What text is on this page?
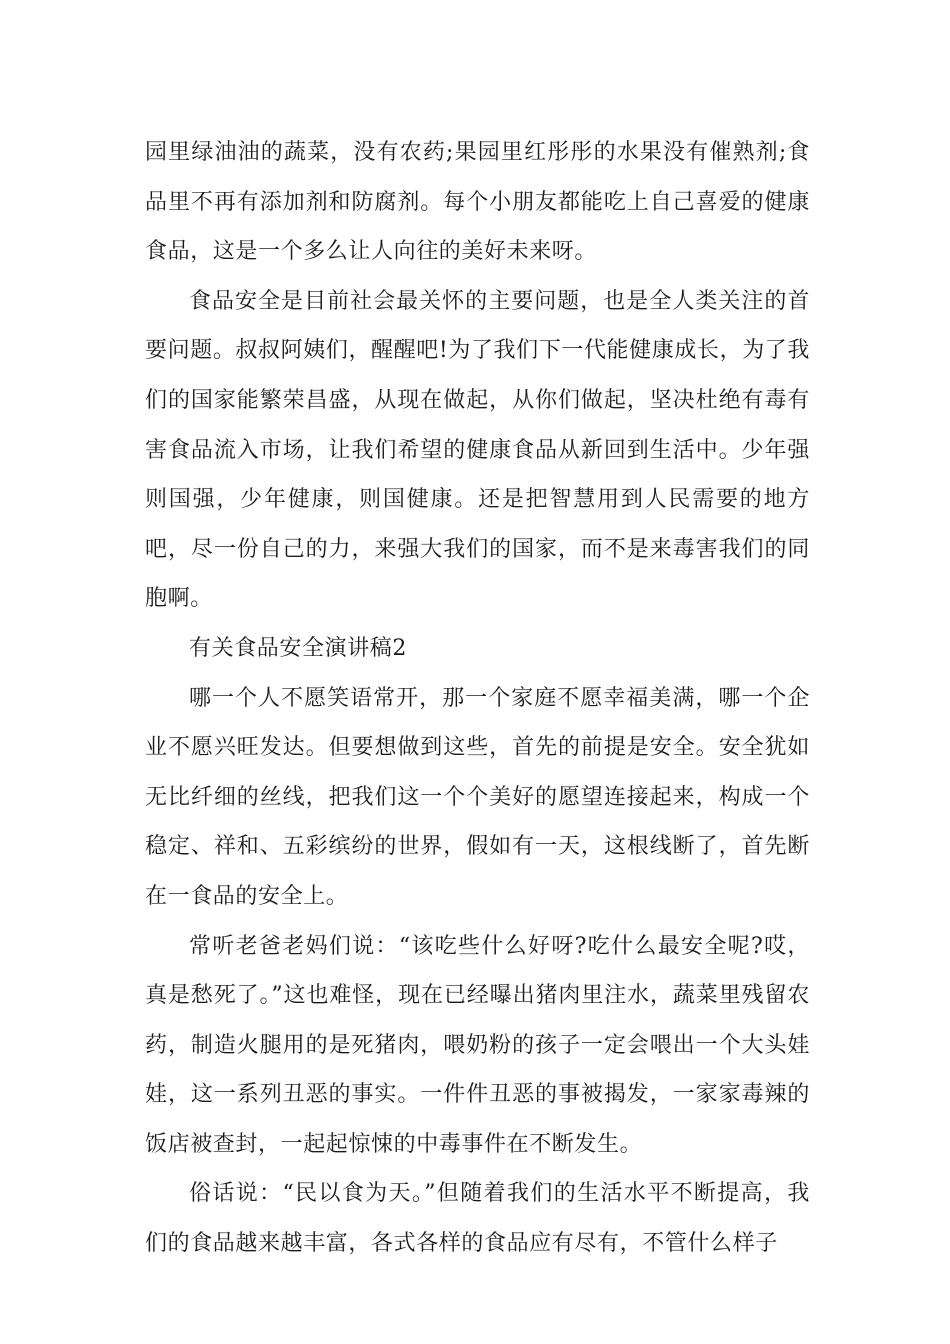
园里绿油油的蔬菜，没有农药;果园里红彤彤的水果没有催熟剂;食品里不再有添加剂和防腐剂。每个小朋友都能吃上自己喜爱的健康食品，这是一个多么让人向往的美好未来呀。

食品安全是目前社会最关怀的主要问题，也是全人类关注的首要问题。叔叔阿姨们，醒醒吧!为了我们下一代能健康成长，为了我们的国家能繁荣昌盛，从现在做起，从你们做起，坚决杜绝有毒有害食品流入市场，让我们希望的健康食品从新回到生活中。少年强则国强，少年健康，则国健康。还是把智慧用到人民需要的地方吧，尽一份自己的力，来强大我们的国家，而不是来毒害我们的同胞啊。

有关食品安全演讲稿2

哪一个人不愿笑语常开，那一个家庭不愿幸福美满，哪一个企业不愿兴旺发达。但要想做到这些，首先的前提是安全。安全犹如无比纤细的丝线，把我们这一个个美好的愿望连接起来，构成一个稳定、祥和、五彩缤纷的世界，假如有一天，这根线断了，首先断在一食品的安全上。

常听老爸老妈们说：“该吃些什么好呀?吃什么最安全呢?哎，真是愁死了。”这也难怪，现在已经曝出猪肉里注水，蔬菜里残留农药，制造火腿用的是死猪肉，喂奶粉的孩子一定会喂出一个大头娃娃，这一系列丑恶的事实。一件件丑恶的事被揭发，一家家毒辣的饭店被查封，一起起惊悚的中毒事件在不断发生。

俗话说：“民以食为天。”但随着我们的生活水平不断提高，我们的食品越来越丰富，各式各样的食品应有尽有，不管什么样子
